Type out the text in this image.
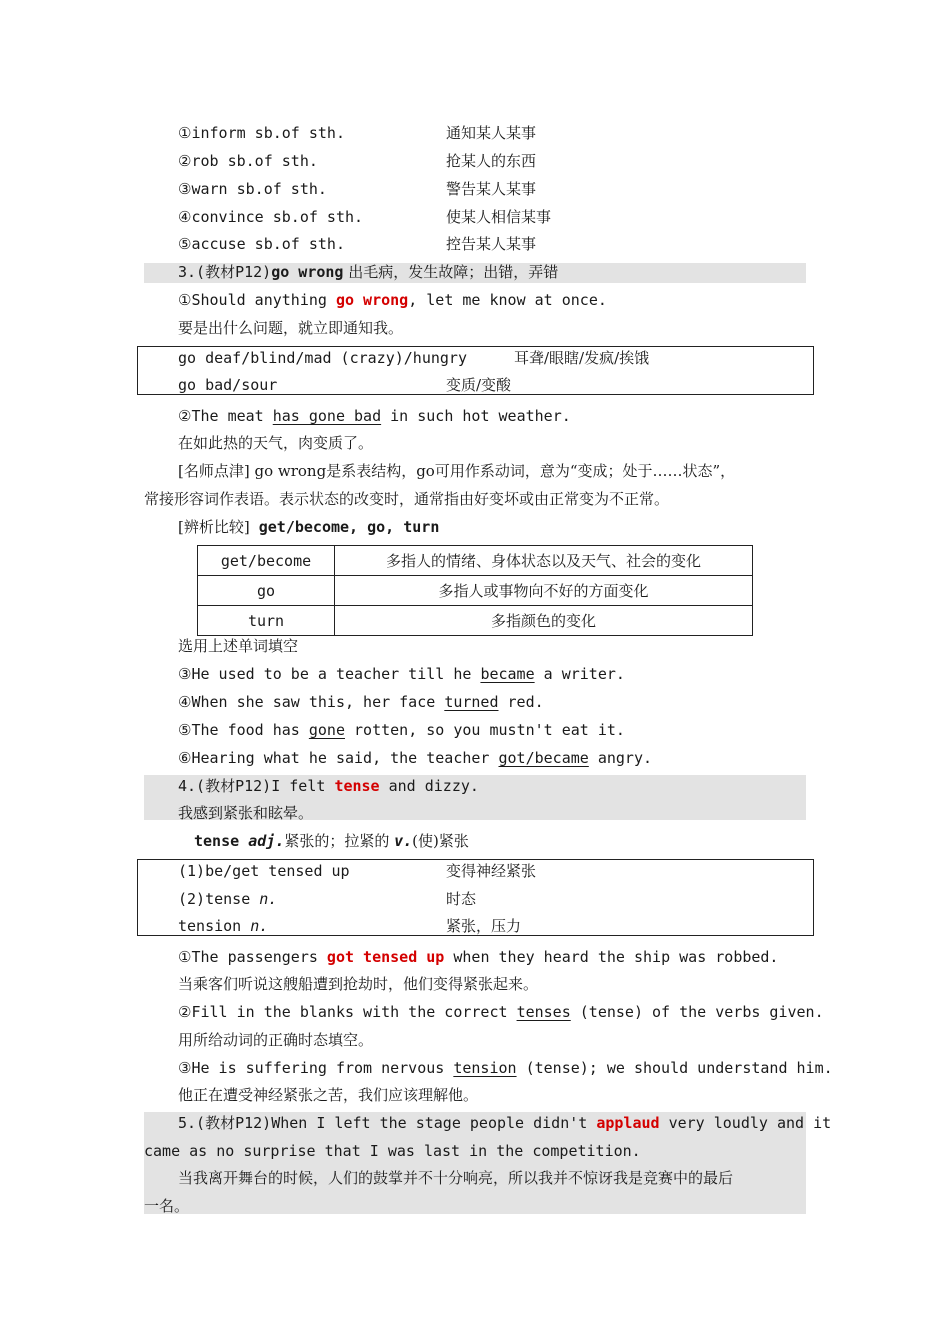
①inform sb.of sth.	通知某人某事
②rob sb.of sth.	抢某人的东西
③warn sb.of sth.	警告某人某事
④convince sb.of sth.	使某人相信某事
⑤accuse sb.of sth.	控告某人某事
3.(教材P12)go wrong 出毛病，发生故障；出错，弄错
①Should anything go wrong, let me know at once.
要是出什么问题，就立即通知我。
go deaf/blind/mad (crazy)/hungry	耳聋/眼瞎/发疯/挨饿
go bad/sour	变质/变酸
②The meat has gone bad in such hot weather.
在如此热的天气，肉变质了。
[名师点津] go wrong是系表结构，go可用作系动词，意为“变成；处于……状态”，
常接形容词作表语。表示状态的改变时，通常指由好变坏或由正常变为不正常。
[辨析比较] get/become, go, turn
get/become	多指人的情绪、身体状态以及天气、社会的变化
go	多指人或事物向不好的方面变化
turn	多指颜色的变化
选用上述单词填空
③He used to be a teacher till he became a writer.
④When she saw this, her face turned red.
⑤The food has gone rotten, so you mustn't eat it.
⑥Hearing what he said, the teacher got/became angry.
4.(教材P12)I felt tense and dizzy.
我感到紧张和眩晕。
tense adj.紧张的；拉紧的 v.(使)紧张
(1)be/get tensed up	变得神经紧张
(2)tense n.	时态
tension n.	紧张，压力
①The passengers got tensed up when they heard the ship was robbed.
当乘客们听说这艘船遭到抢劫时，他们变得紧张起来。
②Fill in the blanks with the correct tenses (tense) of the verbs given.
用所给动词的正确时态填空。
③He is suffering from nervous tension (tense); we should understand him.
他正在遭受神经紧张之苦，我们应该理解他。
5.(教材P12)When I left the stage people didn't applaud very loudly and it
came as no surprise that I was last in the competition.
当我离开舞台的时候，人们的鼓掌并不十分响亮，所以我并不惊讶我是竞赛中的最后
一名。
